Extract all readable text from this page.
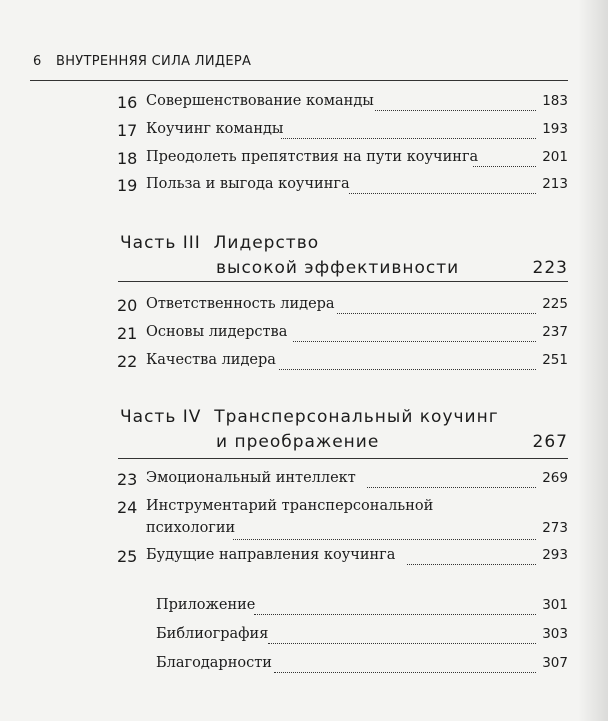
6 ВНУТРЕННЯЯ СИЛА ЛИДЕРА
16 Совершенствование команды	183
17 Коучинг команды	193
18 Преодолеть препятствия на пути коучинга	201
19 Польза и выгода коучинга	213
Часть III Лидерство
высокой эффективности	223
20 Ответственность лидера	225
21 Основы лидерства	237
22 Качества лидера	251
Часть IV Трансперсональный коучинг
и преображение	267
23 Эмоциональный интеллект	269
24 Инструментарий трансперсональной
психологии	273
25 Будущие направления коучинга	293
Приложение	301
Библиография	303
Благодарности	307
